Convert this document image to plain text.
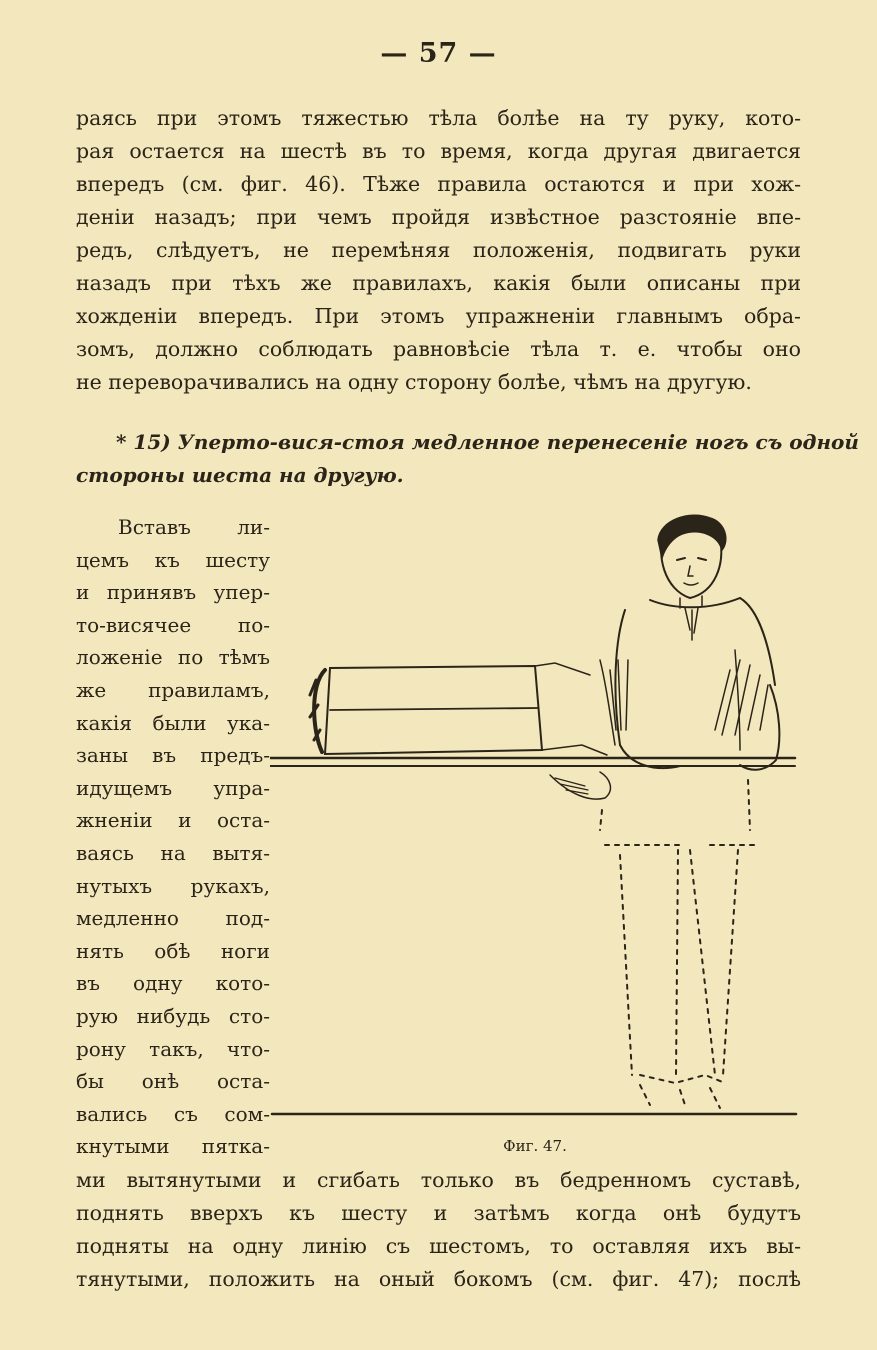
— 57 —
раясь при этомъ тяжестью тѣла болѣе на ту руку, кото-
рая остается на шестѣ въ то время, когда другая двигается
впередъ (см. фиг. 46). Тѣже правила остаются и при хож-
деніи назадъ; при чемъ пройдя извѣстное разстояніе впе-
редъ, слѣдуетъ, не перемѣняя положенія, подвигать руки
назадъ при тѣхъ же правилахъ, какія были описаны при
хожденіи впередъ. При этомъ упражненіи главнымъ обра-
зомъ, должно соблюдать равновѣсіе тѣла т. е. чтобы оно
не переворачивались на одну сторону болѣе, чѣмъ на другую.
* 15) Уперто-вися-стоя медленное перенесеніе ногъ съ одной
стороны шеста на другую.
Вставъ ли-
цемъ къ шесту
и принявъ упер-
то-висячее по-
ложеніе по тѣмъ
же правиламъ,
какія были ука-
заны въ предъ-
идущемъ упра-
жненіи и оста-
ваясь на вытя-
нутыхъ рукахъ,
медленно под-
нять обѣ ноги
въ одну кото-
рую нибудь сто-
рону такъ, что-
бы онѣ оста-
вались съ сом-
кнутыми пятка-	Фиг. 47.
ми вытянутыми и сгибать только въ бедренномъ суставѣ,
поднять вверхъ къ шесту и затѣмъ когда онѣ будутъ
подняты на одну линію съ шестомъ, то оставляя ихъ вы-
тянутыми, положить на оный бокомъ (см. фиг. 47); послѣ
